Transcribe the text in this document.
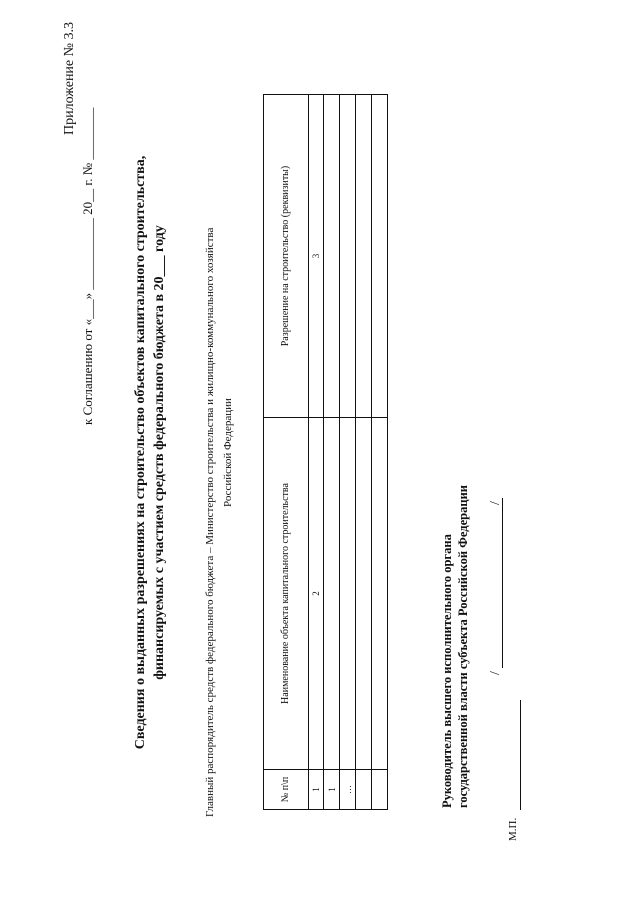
Приложение № 3.3
к Соглашению от «___» ___________ 20__ г. № ________	Сведения о выданных разрешениях на строительство объектов капитального строительства, финансируемых с участием средств федерального бюджета в 20___ году	Главный распорядитель средств федерального бюджета – Министерство строительства и жилищно-коммунального хозяйства Российской Федерации
№ п\п	Наименование объекта капитального строительства	Разрешение на строительство (реквизиты)
1	2	3
1		
…		

			Руководитель высшего исполнительного органа государственной власти субъекта Российской Федерации /
/
М.П.
